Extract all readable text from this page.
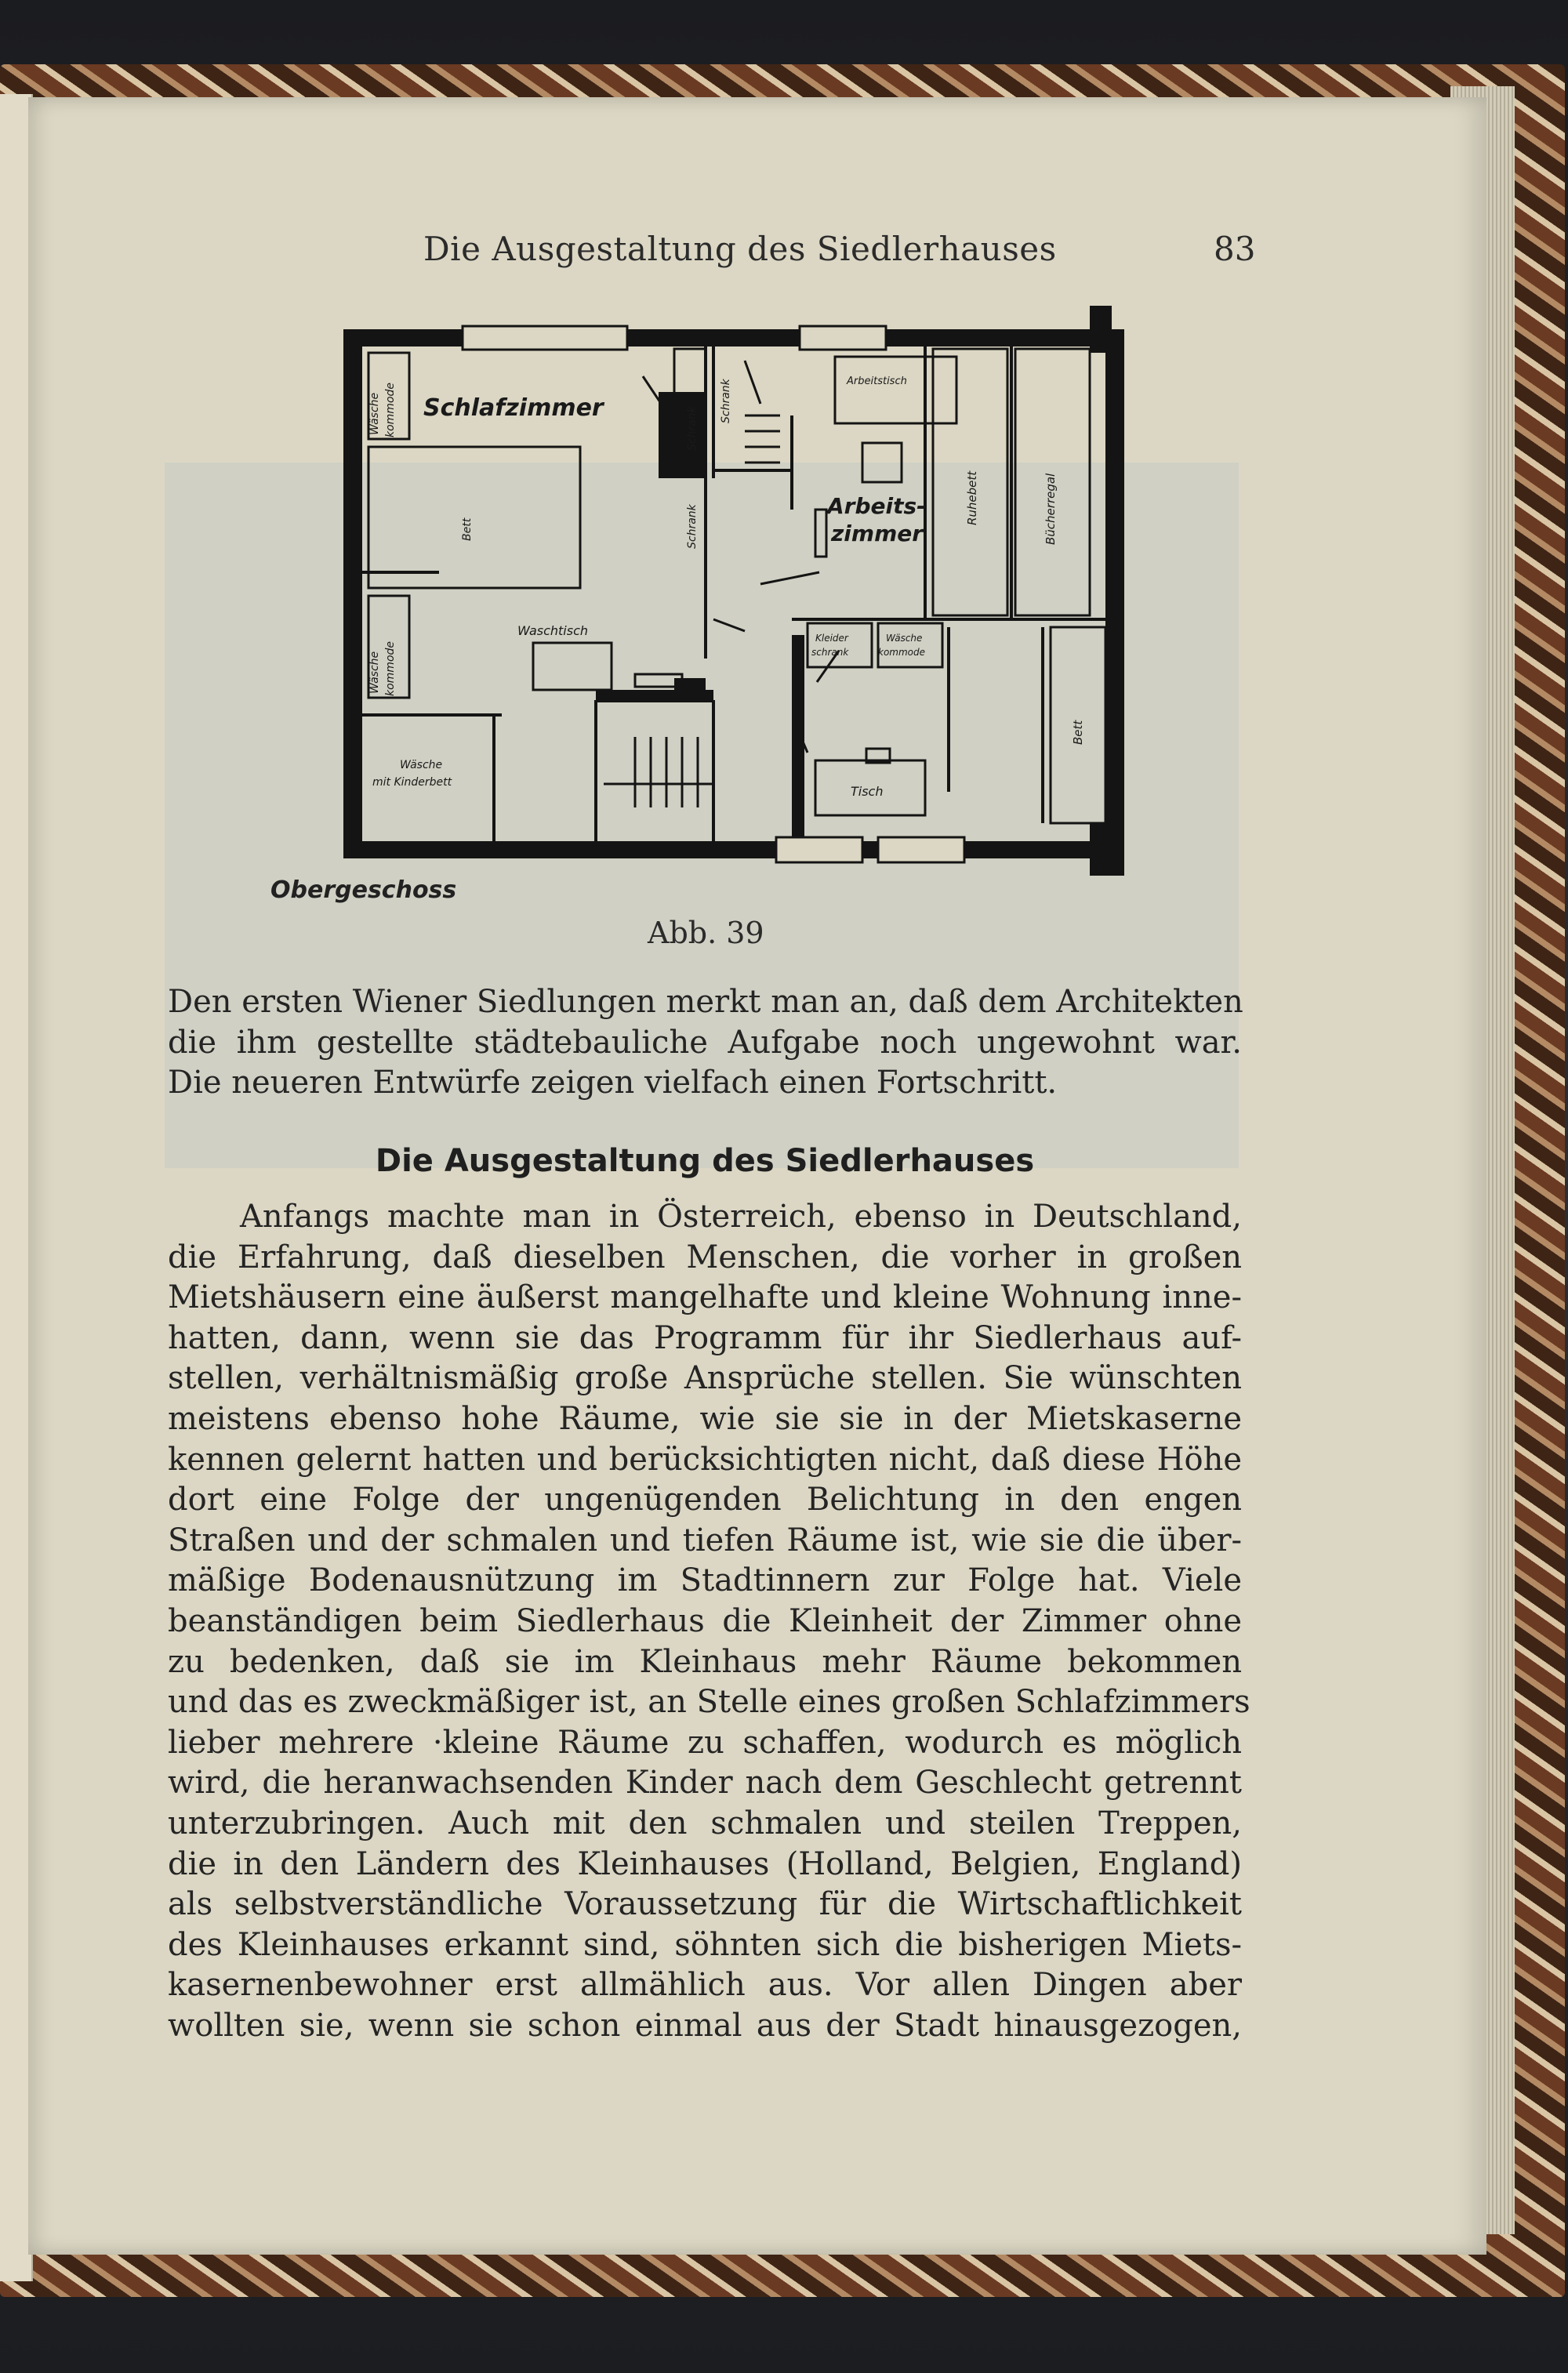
Die Ausgestaltung des Siedlerhauses	83
Schlafzimmer
Arbeits-
zimmer
Wäsche kommode
Bett
Wäsche kommode
Waschtisch
Wäsche
mit Kinderbett
Schrank
Schrank
Schrank	Arbeitstisch
Ruhebett	Bücherregal
Kleider
schrank
Wäsche
kommode
Bett
Tisch
Obergeschoss
Abb. 39
Den ersten Wiener Siedlungen merkt man an, daß dem Architekten
die ihm gestellte städtebauliche Aufgabe noch ungewohnt war.
Die neueren Entwürfe zeigen vielfach einen Fortschritt.
Die Ausgestaltung des Siedlerhauses
Anfangs machte man in Österreich, ebenso in Deutschland,
die Erfahrung, daß dieselben Menschen, die vorher in großen
Mietshäusern eine äußerst mangelhafte und kleine Wohnung inne-
hatten, dann, wenn sie das Programm für ihr Siedlerhaus auf-
stellen, verhältnismäßig große Ansprüche stellen. Sie wünschten
meistens ebenso hohe Räume, wie sie sie in der Mietskaserne
kennen gelernt hatten und berücksichtigten nicht, daß diese Höhe
dort eine Folge der ungenügenden Belichtung in den engen
Straßen und der schmalen und tiefen Räume ist, wie sie die über-
mäßige Bodenausnützung im Stadtinnern zur Folge hat. Viele
beanständigen beim Siedlerhaus die Kleinheit der Zimmer ohne
zu bedenken, daß sie im Kleinhaus mehr Räume bekommen
und das es zweckmäßiger ist, an Stelle eines großen Schlafzimmers
lieber mehrere ·kleine Räume zu schaffen, wodurch es möglich
wird, die heranwachsenden Kinder nach dem Geschlecht getrennt
unterzubringen. Auch mit den schmalen und steilen Treppen,
die in den Ländern des Kleinhauses (Holland, Belgien, England)
als selbstverständliche Voraussetzung für die Wirtschaftlichkeit
des Kleinhauses erkannt sind, söhnten sich die bisherigen Miets-
kasernenbewohner erst allmählich aus. Vor allen Dingen aber
wollten sie, wenn sie schon einmal aus der Stadt hinausgezogen,
